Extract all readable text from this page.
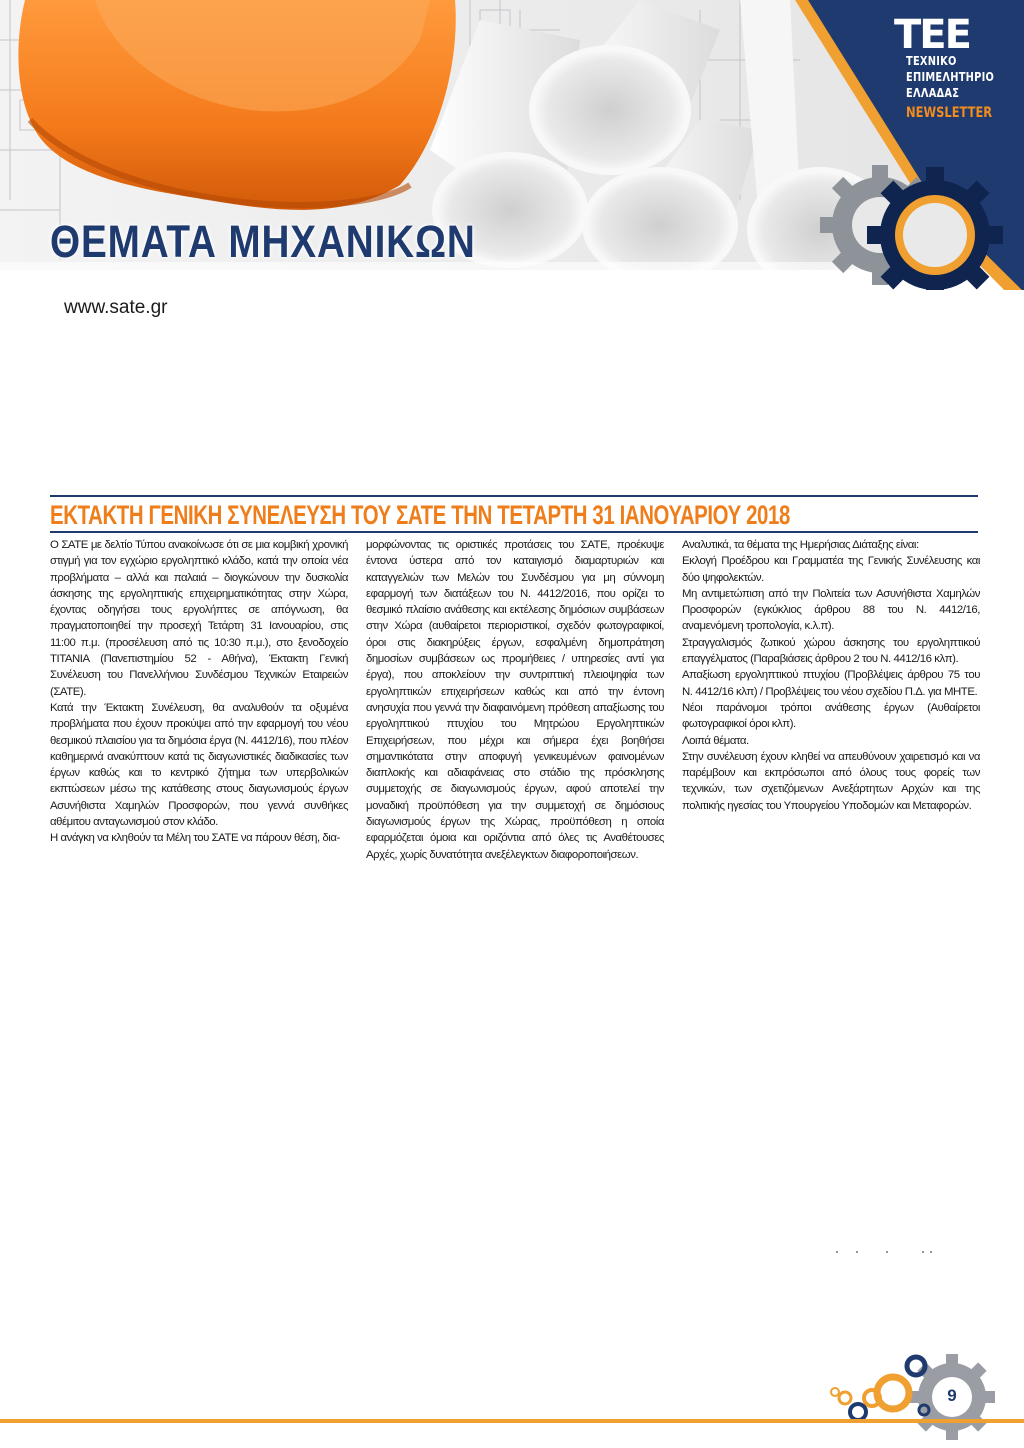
ΘΕΜΑΤΑ ΜΗΧΑΝΙΚΩΝ
ΤΕΕ
ΤΕΧΝΙΚΟ
ΕΠΙΜΕΛΗΤΗΡΙΟ
ΕΛΛΑΔΑΣ
NEWSLETTER
www.sate.gr
ΕΚΤΑΚΤΗ ΓΕΝΙΚΗ ΣΥΝΕΛΕΥΣΗ ΤΟΥ ΣΑΤΕ ΤΗΝ ΤΕΤΑΡΤΗ 31 ΙΑΝΟΥΑΡΙΟΥ 2018

Ο ΣΑΤΕ με δελτίο Τύπου ανακοίνωσε ότι σε μια κομβική χρονική στιγμή για τον εγχώριο εργοληπτικό κλάδο, κατά την οποία νέα προβλήματα – αλλά και παλαιά – διογκώνουν την δυσκολία άσκησης της εργοληπτικής επιχειρηματικότητας στην Χώρα, έχοντας οδηγήσει τους εργολήπτες σε απόγνωση, θα πραγματοποιηθεί την προσεχή Τετάρτη 31 Ιανουαρίου, στις 11:00 π.μ. (προσέλευση από τις 10:30 π.μ.), στο ξενοδοχείο TITANIA (Πανεπιστημίου 52 - Αθήνα), Έκτακτη Γενική Συνέλευση του Πανελλήνιου Συνδέσμου Τεχνικών Εταιρειών (ΣΑΤΕ).

Κατά την Έκτακτη Συνέλευση, θα αναλυθούν τα οξυμένα προβλήματα που έχουν προκύψει από την εφαρμογή του νέου θεσμικού πλαισίου για τα δημόσια έργα (Ν. 4412/16), που πλέον καθημερινά ανακύπτουν κατά τις διαγωνιστικές διαδικασίες των έργων καθώς και το κεντρικό ζήτημα των υπερβολικών εκπτώσεων μέσω της κατάθεσης στους διαγωνισμούς έργων Ασυνήθιστα Χαμηλών Προσφορών, που γεννά συνθήκες αθέμιτου ανταγωνισμού στον κλάδο.

Η ανάγκη να κληθούν τα Μέλη του ΣΑΤΕ να πάρουν θέση, δια-

μορφώνοντας τις οριστικές προτάσεις του ΣΑΤΕ, προέκυψε έντονα ύστερα από τον καταιγισμό διαμαρτυριών και καταγγελιών των Μελών του Συνδέσμου για μη σύννομη εφαρμογή των διατάξεων του Ν. 4412/2016, που ορίζει το θεσμικό πλαίσιο ανάθεσης και εκτέλεσης δημόσιων συμβάσεων στην Χώρα (αυθαίρετοι περιοριστικοί, σχεδόν φωτογραφικοί, όροι στις διακηρύξεις έργων, εσφαλμένη δημοπράτηση δημοσίων συμβάσεων ως προμήθειες / υπηρεσίες αντί για έργα), που αποκλείουν την συντριπτική πλειοψηφία των εργοληπτικών επιχειρήσεων καθώς και από την έντονη ανησυχία που γεννά την διαφαινόμενη πρόθεση απαξίωσης του εργοληπτικού πτυχίου του Μητρώου Εργοληπτικών Επιχειρήσεων, που μέχρι και σήμερα έχει βοηθήσει σημαντικότατα στην αποφυγή γενικευμένων φαινομένων διαπλοκής και αδιαφάνειας στο στάδιο της πρόσκλησης συμμετοχής σε διαγωνισμούς έργων, αφού αποτελεί την μοναδική προϋπόθεση για την συμμετοχή σε δημόσιους διαγωνισμούς έργων της Χώρας, προϋπόθεση η οποία εφαρμόζεται όμοια και οριζόντια από όλες τις Αναθέτουσες Αρχές, χωρίς δυνατότητα ανεξέλεγκτων διαφοροποιήσεων.

Αναλυτικά, τα θέματα της Ημερήσιας Διάταξης είναι:

Εκλογή Προέδρου και Γραμματέα της Γενικής Συνέλευσης και δύο ψηφολεκτών.

Μη αντιμετώπιση από την Πολιτεία των Ασυνήθιστα Χαμηλών Προσφορών (εγκύκλιος άρθρου 88 του Ν. 4412/16, αναμενόμενη τροπολογία, κ.λ.π).

Στραγγαλισμός ζωτικού χώρου άσκησης του εργοληπτικού επαγγέλματος (Παραβιάσεις άρθρου 2 του Ν. 4412/16 κλπ).

Απαξίωση εργοληπτικού πτυχίου (Προβλέψεις άρθρου 75 του Ν. 4412/16 κλπ) / Προβλέψεις του νέου σχεδίου Π.Δ. για ΜΗΤΕ.

Νέοι παράνομοι τρόποι ανάθεσης έργων (Αυθαίρετοι φωτογραφικοί όροι κλπ).

Λοιπά θέματα.

Στην συνέλευση έχουν κληθεί να απευθύνουν χαιρετισμό και να παρέμβουν και εκπρόσωποι από όλους τους φορείς των τεχνικών, των σχετιζόμενων Ανεξάρτητων Αρχών και της πολιτικής ηγεσίας του Υπουργείου Υποδομών και Μεταφορών.

9
